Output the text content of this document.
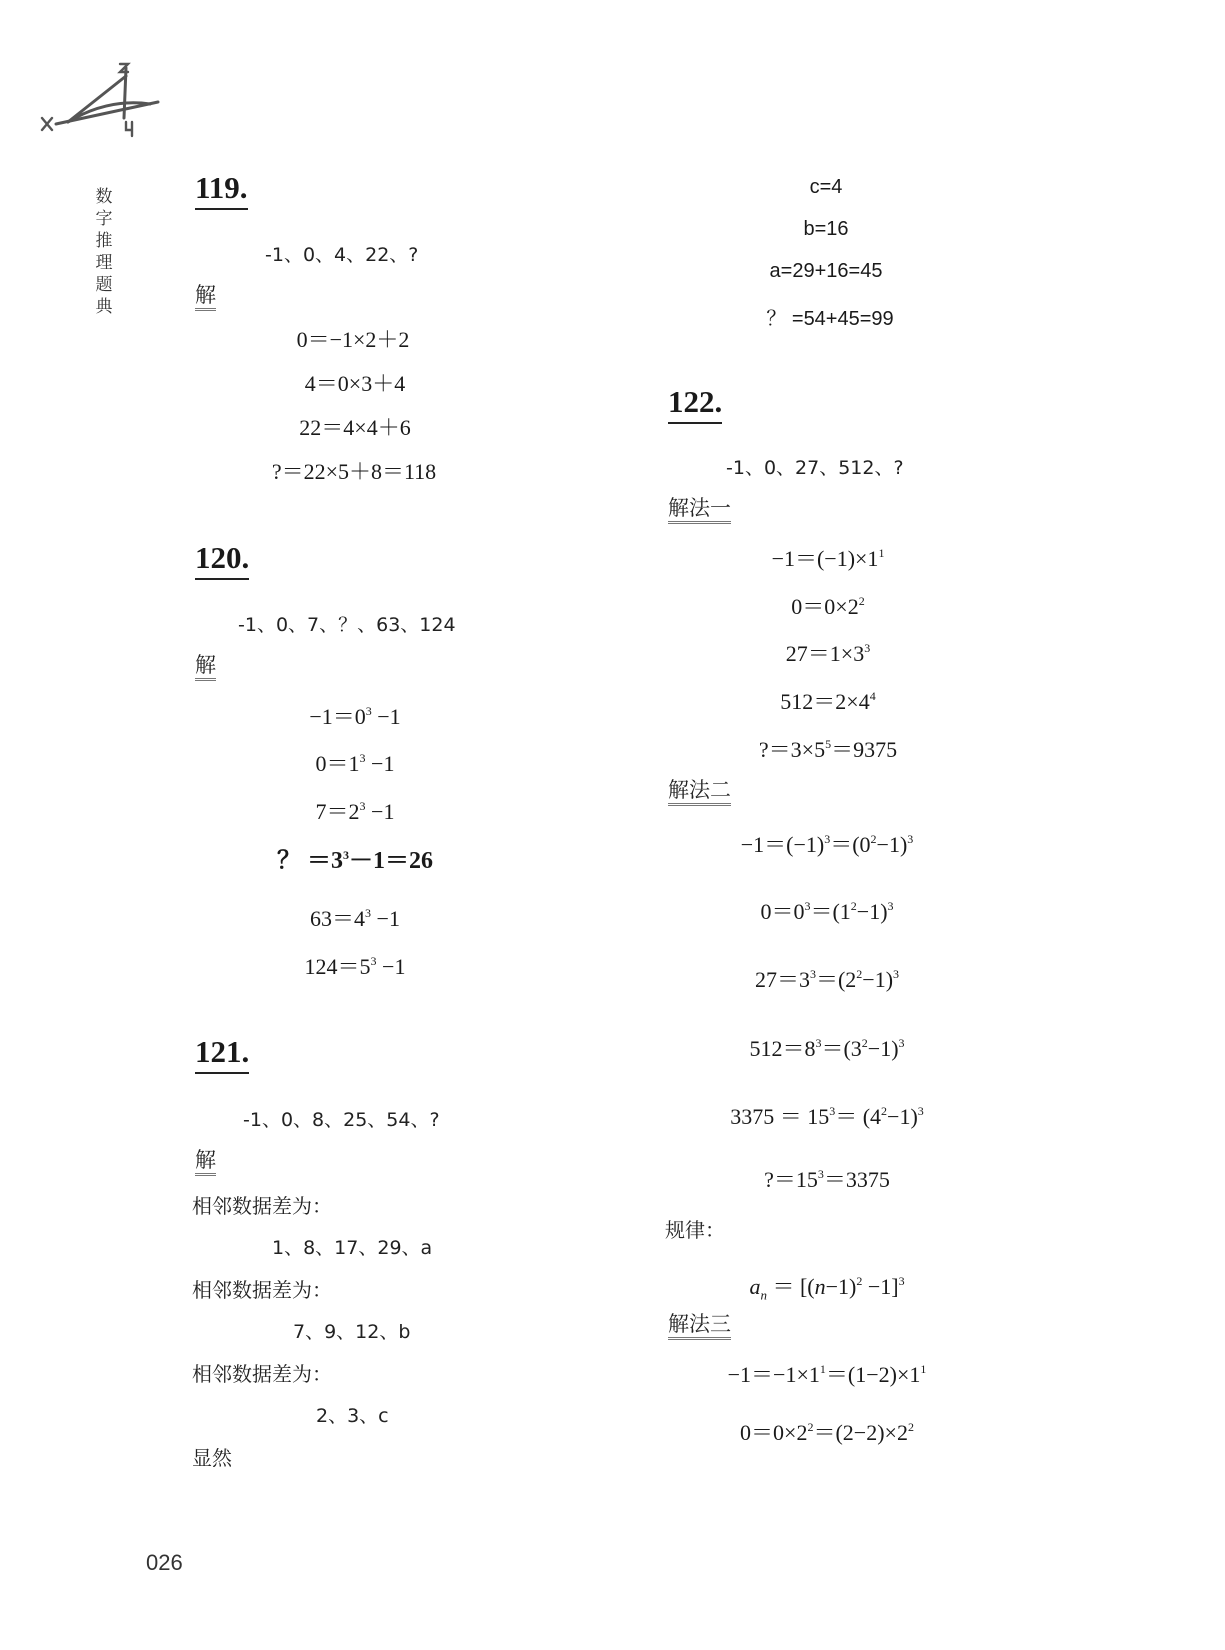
数
字
推
理
题
典
119.
-1、0、4、22、?
解
0＝−1×2＋2
4＝0×3＋4
22＝4×4＋6
?＝22×5＋8＝118
120.
-1、0、7、？、63、124
解
$-1=0^3 -1$
$0=1^3 -1$
$7=2^3 -1$
？ $=3^3-1=26$
$63=4^3 -1$
$124=5^3 -1$
121.
-1、0、8、25、54、?
解
相邻数据差为：
1、8、17、29、a
相邻数据差为：
7、9、12、b
相邻数据差为：
2、3、c
显然
c=4
b=16
a=29+16=45
？ =54+45=99
122.
-1、0、27、512、?
解法一
$-1=(-1)\times 1^1$
$0=0\times 2^2$
$27=1\times 3^3$
$512=2\times 4^4$
$?=3\times 5^5=9375$
解法二
$-1=(-1)^3=(0^2-1)^3$
$0=0^3=(1^2-1)^3$
$27=3^3=(2^2-1)^3$
$512=8^3=(3^2-1)^3$
$3375 = 15^3= (4^2-1)^3$
$?=15^3=3375$
规律：
$a_n = [(n-1)^2 -1]^3$
解法三
$-1=-1\times 1^1=(1-2)\times 1^1$
$0=0\times 2^2=(2-2)\times 2^2$
026
